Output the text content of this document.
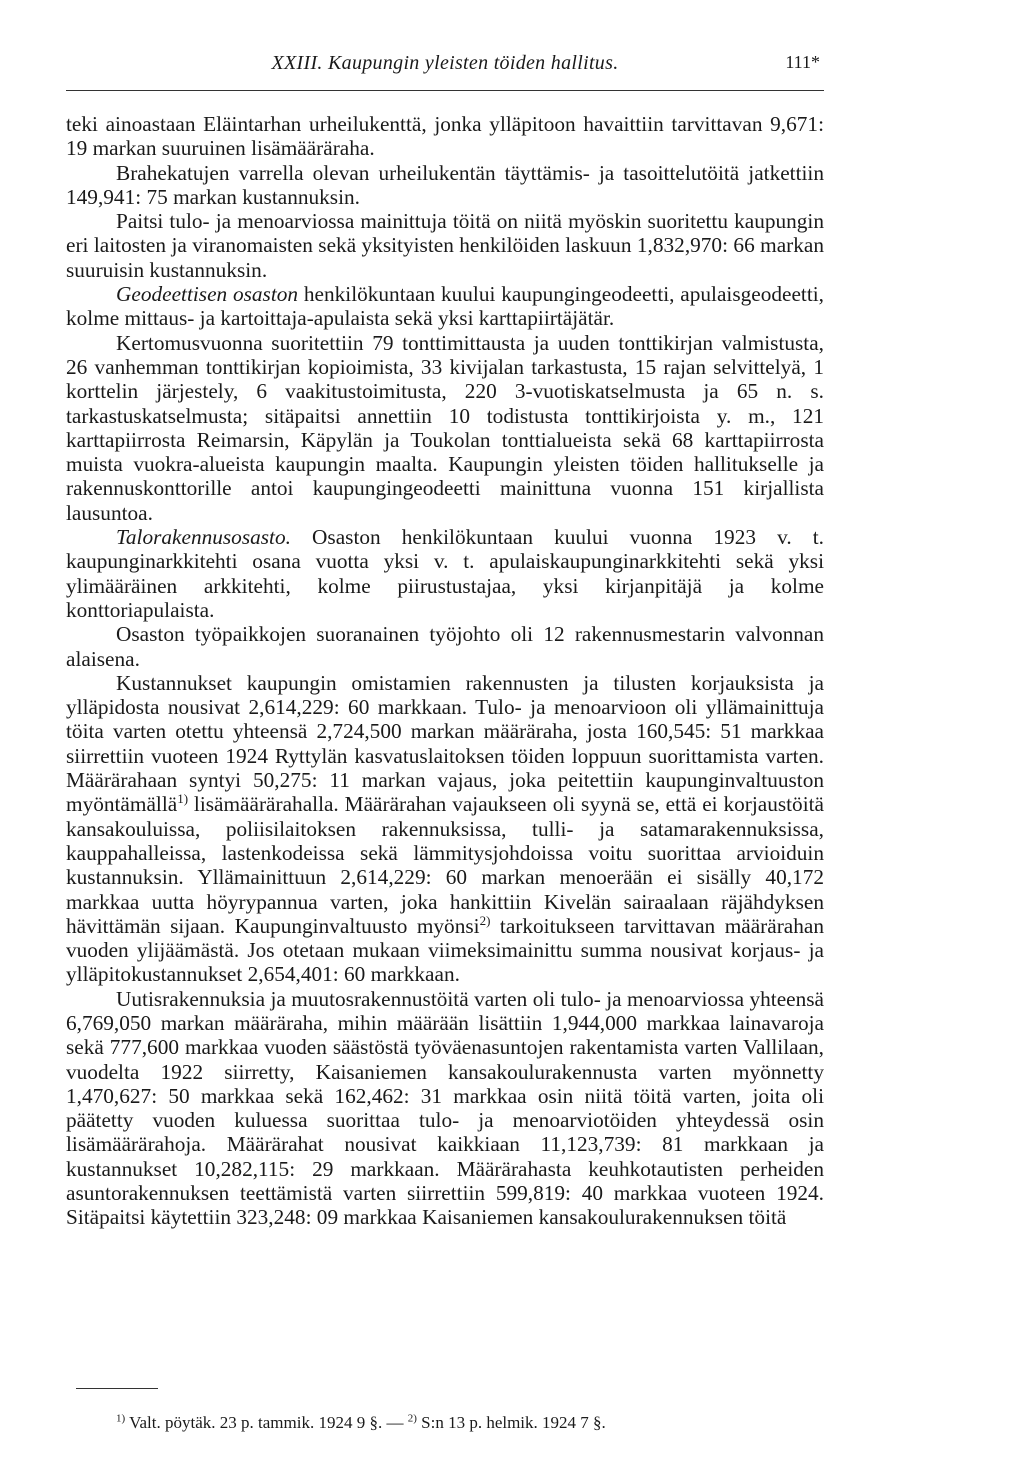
XXIII. Kaupungin yleisten töiden hallitus.	111*

teki ainoastaan Eläintarhan urheilukenttä, jonka ylläpitoon havaittiin tarvittavan 9,671: 19 markan suuruinen lisämääräraha.

Brahekatujen varrella olevan urheilukentän täyttämis- ja tasoittelutöitä jatkettiin 149,941: 75 markan kustannuksin.

Paitsi tulo- ja menoarviossa mainittuja töitä on niitä myöskin suoritettu kaupungin eri laitosten ja viranomaisten sekä yksityisten henkilöiden laskuun 1,832,970: 66 markan suuruisin kustannuksin.

Geodeettisen osaston henkilökuntaan kuului kaupungingeodeetti, apulaisgeodeetti, kolme mittaus- ja kartoittaja-apulaista sekä yksi karttapiirtäjätär.

Kertomusvuonna suoritettiin 79 tonttimittausta ja uuden tonttikirjan valmistusta, 26 vanhemman tonttikirjan kopioimista, 33 kivijalan tarkastusta, 15 rajan selvittelyä, 1 korttelin järjestely, 6 vaakitustoimitusta, 220 3-vuotiskatselmusta ja 65 n. s. tarkastuskatselmusta; sitäpaitsi annettiin 10 todistusta tonttikirjoista y. m., 121 karttapiirrosta Reimarsin, Käpylän ja Toukolan tonttialueista sekä 68 karttapiirrosta muista vuokra-alueista kaupungin maalta. Kaupungin yleisten töiden hallitukselle ja rakennuskonttorille antoi kaupungingeodeetti mainittuna vuonna 151 kirjallista lausuntoa.

Talorakennusosasto. Osaston henkilökuntaan kuului vuonna 1923 v. t. kaupunginarkkitehti osana vuotta yksi v. t. apulaiskaupunginarkkitehti sekä yksi ylimääräinen arkkitehti, kolme piirustustajaa, yksi kirjanpitäjä ja kolme konttoriapulaista.

Osaston työpaikkojen suoranainen työjohto oli 12 rakennusmestarin valvonnan alaisena.

Kustannukset kaupungin omistamien rakennusten ja tilusten korjauksista ja ylläpidosta nousivat 2,614,229: 60 markkaan. Tulo- ja menoarvioon oli yllämainittuja töita varten otettu yhteensä 2,724,500 markan määräraha, josta 160,545: 51 markkaa siirrettiin vuoteen 1924 Ryttylän kasvatuslaitoksen töiden loppuun suorittamista varten. Määrärahaan syntyi 50,275: 11 markan vajaus, joka peitettiin kaupunginvaltuuston myöntämällä$^{1)}$ lisämäärärahalla. Määrärahan vajaukseen oli syynä se, että ei korjaustöitä kansakouluissa, poliisilaitoksen rakennuksissa, tulli- ja satamarakennuksissa, kauppahalleissa, lastenkodeissa sekä lämmitysjohdoissa voitu suorittaa arvioiduin kustannuksin. Yllämainittuun 2,614,229: 60 markan menoerään ei sisälly 40,172 markkaa uutta höyrypannua varten, joka hankittiin Kivelän sairaalaan räjähdyksen hävittämän sijaan. Kaupunginvaltuusto myönsi$^{2)}$ tarkoitukseen tarvittavan määrärahan vuoden ylijäämästä. Jos otetaan mukaan viimeksimainittu summa nousivat korjaus- ja ylläpitokustannukset 2,654,401: 60 markkaan.

Uutisrakennuksia ja muutosrakennustöitä varten oli tulo- ja menoarviossa yhteensä 6,769,050 markan määräraha, mihin määrään lisättiin 1,944,000 markkaa lainavaroja sekä 777,600 markkaa vuoden säästöstä työväenasuntojen rakentamista varten Vallilaan, vuodelta 1922 siirretty, Kaisaniemen kansakoulurakennusta varten myönnetty 1,470,627: 50 markkaa sekä 162,462: 31 markkaa osin niitä töitä varten, joita oli päätetty vuoden kuluessa suorittaa tulo- ja menoarviotöiden yhteydessä osin lisämäärärahoja. Määrärahat nousivat kaikkiaan 11,123,739: 81 markkaan ja kustannukset 10,282,115: 29 markkaan. Määrärahasta keuhkotautisten perheiden asuntorakennuksen teettämistä varten siirrettiin 599,819: 40 markkaa vuoteen 1924. Sitäpaitsi käytettiin 323,248: 09 markkaa Kaisaniemen kansakoulurakennuksen töitä

$^{1)}$ Valt. pöytäk. 23 p. tammik. 1924 9 §. — $^{2)}$ S:n 13 p. helmik. 1924 7 §.
